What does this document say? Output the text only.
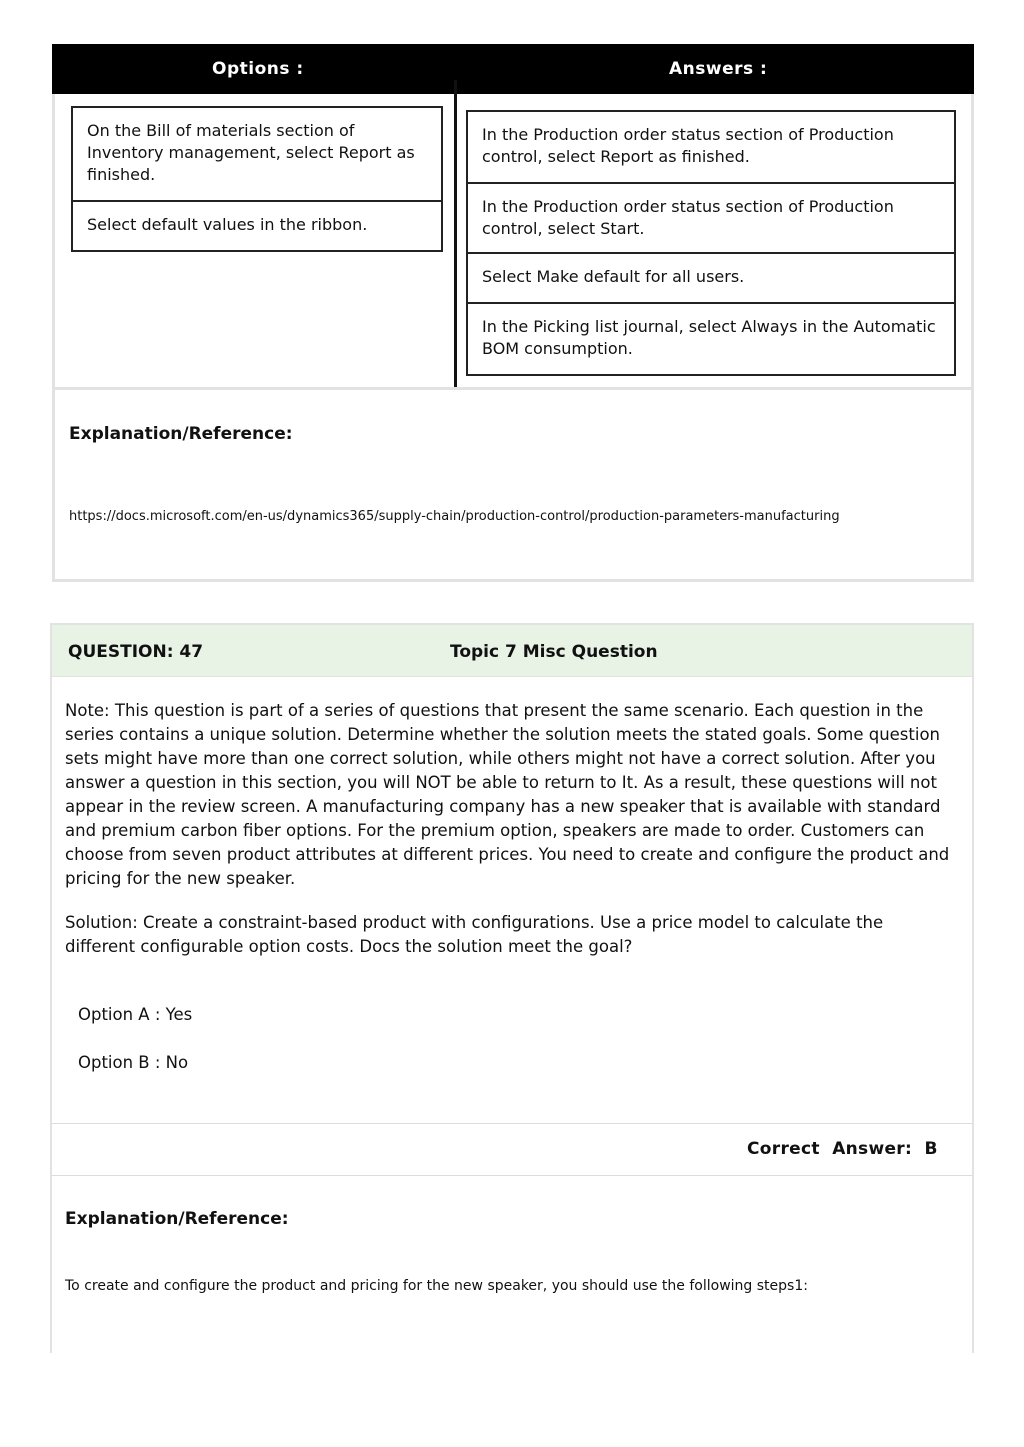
Options :	Answers :
On the Bill of materials section of Inventory management, select Report as finished.
Select default values in the ribbon.
In the Production order status section of Production control, select Report as finished.
In the Production order status section of Production control, select Start.
Select Make default for all users.
In the Picking list journal, select Always in the Automatic BOM consumption.
Explanation/Reference:
https://docs.microsoft.com/en-us/dynamics365/supply-chain/production-control/production-parameters-manufacturing
QUESTION: 47	Topic 7 Misc Question
Note: This question is part of a series of questions that present the same scenario. Each question in the series contains a unique solution. Determine whether the solution meets the stated goals. Some question sets might have more than one correct solution, while others might not have a correct solution. After you answer a question in this section, you will NOT be able to return to It. As a result, these questions will not appear in the review screen. A manufacturing company has a new speaker that is available with standard and premium carbon fiber options. For the premium option, speakers are made to order. Customers can choose from seven product attributes at different prices. You need to create and configure the product and pricing for the new speaker.
Solution: Create a constraint-based product with configurations. Use a price model to calculate the different configurable option costs. Docs the solution meet the goal?
Option A : Yes
Option B : No
Correct  Answer:  B
Explanation/Reference:
To create and configure the product and pricing for the new speaker, you should use the following steps1:
